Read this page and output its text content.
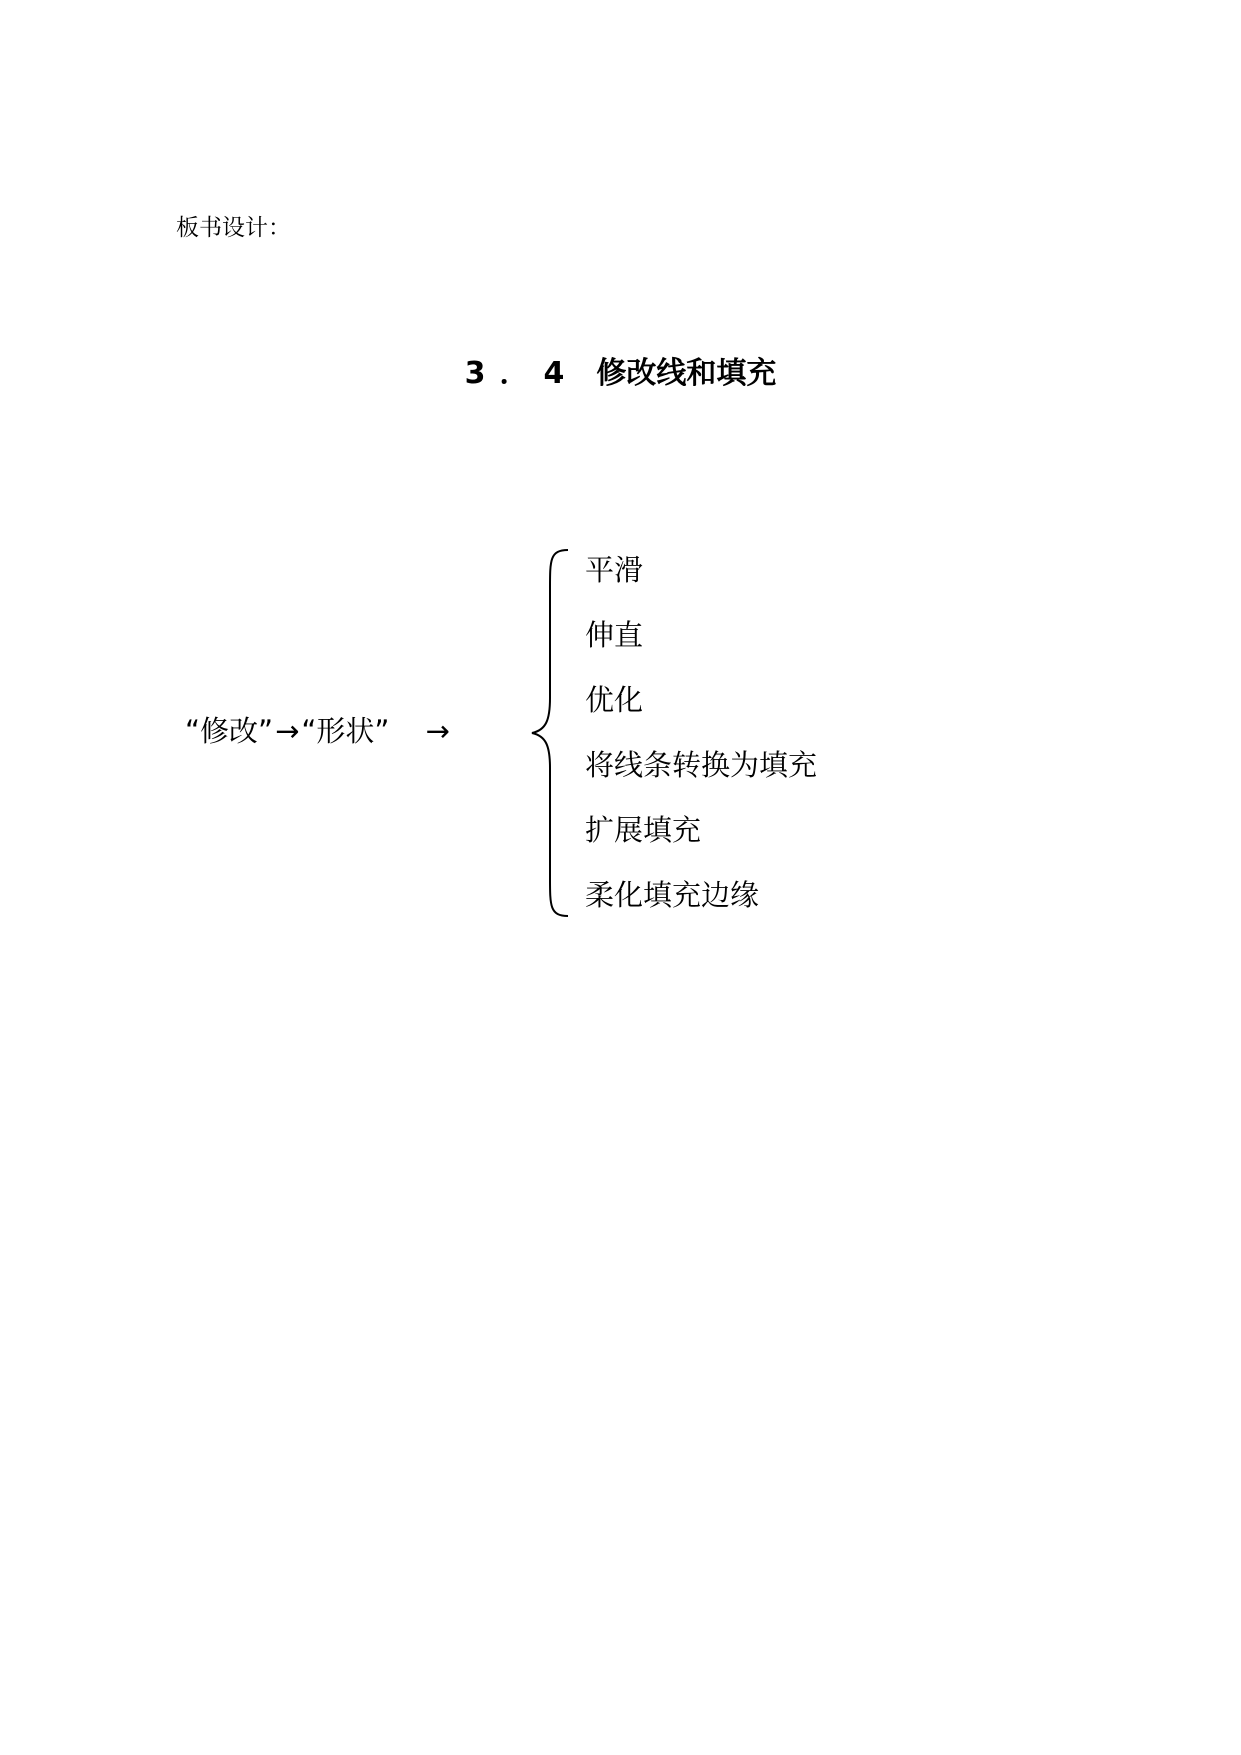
板书设计：
3．4 修改线和填充
“修改”→“形状” →
平滑
伸直
优化
将线条转换为填充
扩展填充
柔化填充边缘
